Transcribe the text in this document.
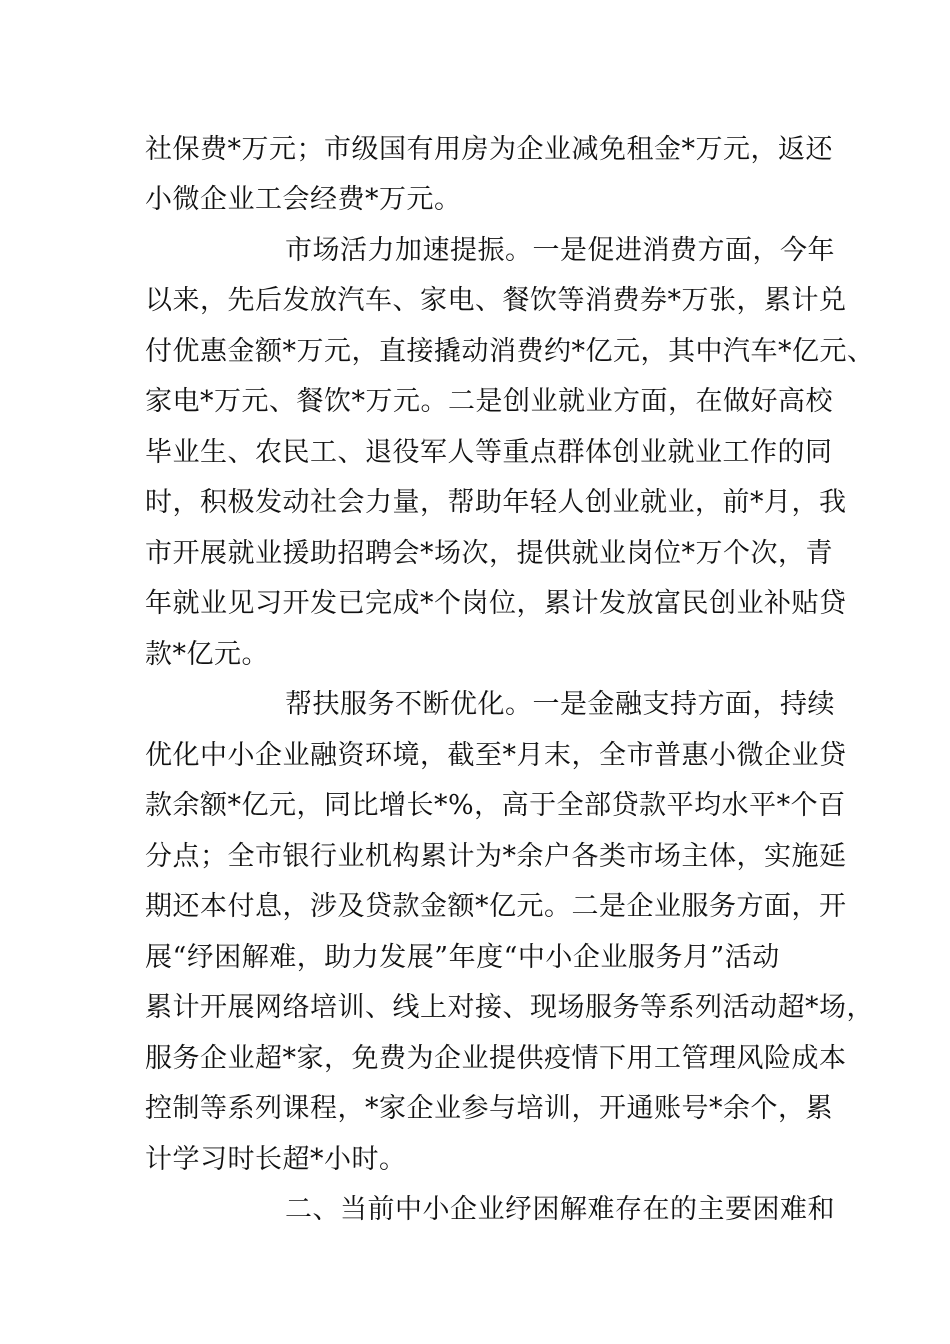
社保费*万元；市级国有用房为企业减免租金*万元，返还
小微企业工会经费*万元。
市场活力加速提振。一是促进消费方面，今年
以来，先后发放汽车、家电、餐饮等消费券*万张，累计兑
付优惠金额*万元，直接撬动消费约*亿元，其中汽车*亿元、
家电*万元、餐饮*万元。二是创业就业方面，在做好高校
毕业生、农民工、退役军人等重点群体创业就业工作的同
时，积极发动社会力量，帮助年轻人创业就业，前*月，我
市开展就业援助招聘会*场次，提供就业岗位*万个次，青
年就业见习开发已完成*个岗位，累计发放富民创业补贴贷
款*亿元。
帮扶服务不断优化。一是金融支持方面，持续
优化中小企业融资环境，截至*月末，全市普惠小微企业贷
款余额*亿元，同比增长*%，高于全部贷款平均水平*个百
分点；全市银行业机构累计为*余户各类市场主体，实施延
期还本付息，涉及贷款金额*亿元。二是企业服务方面，开
展“纾困解难，助力发展”年度“中小企业服务月”活动
累计开展网络培训、线上对接、现场服务等系列活动超*场，
服务企业超*家，免费为企业提供疫情下用工管理风险成本
控制等系列课程，*家企业参与培训，开通账号*余个，累
计学习时长超*小时。
二、当前中小企业纾困解难存在的主要困难和
